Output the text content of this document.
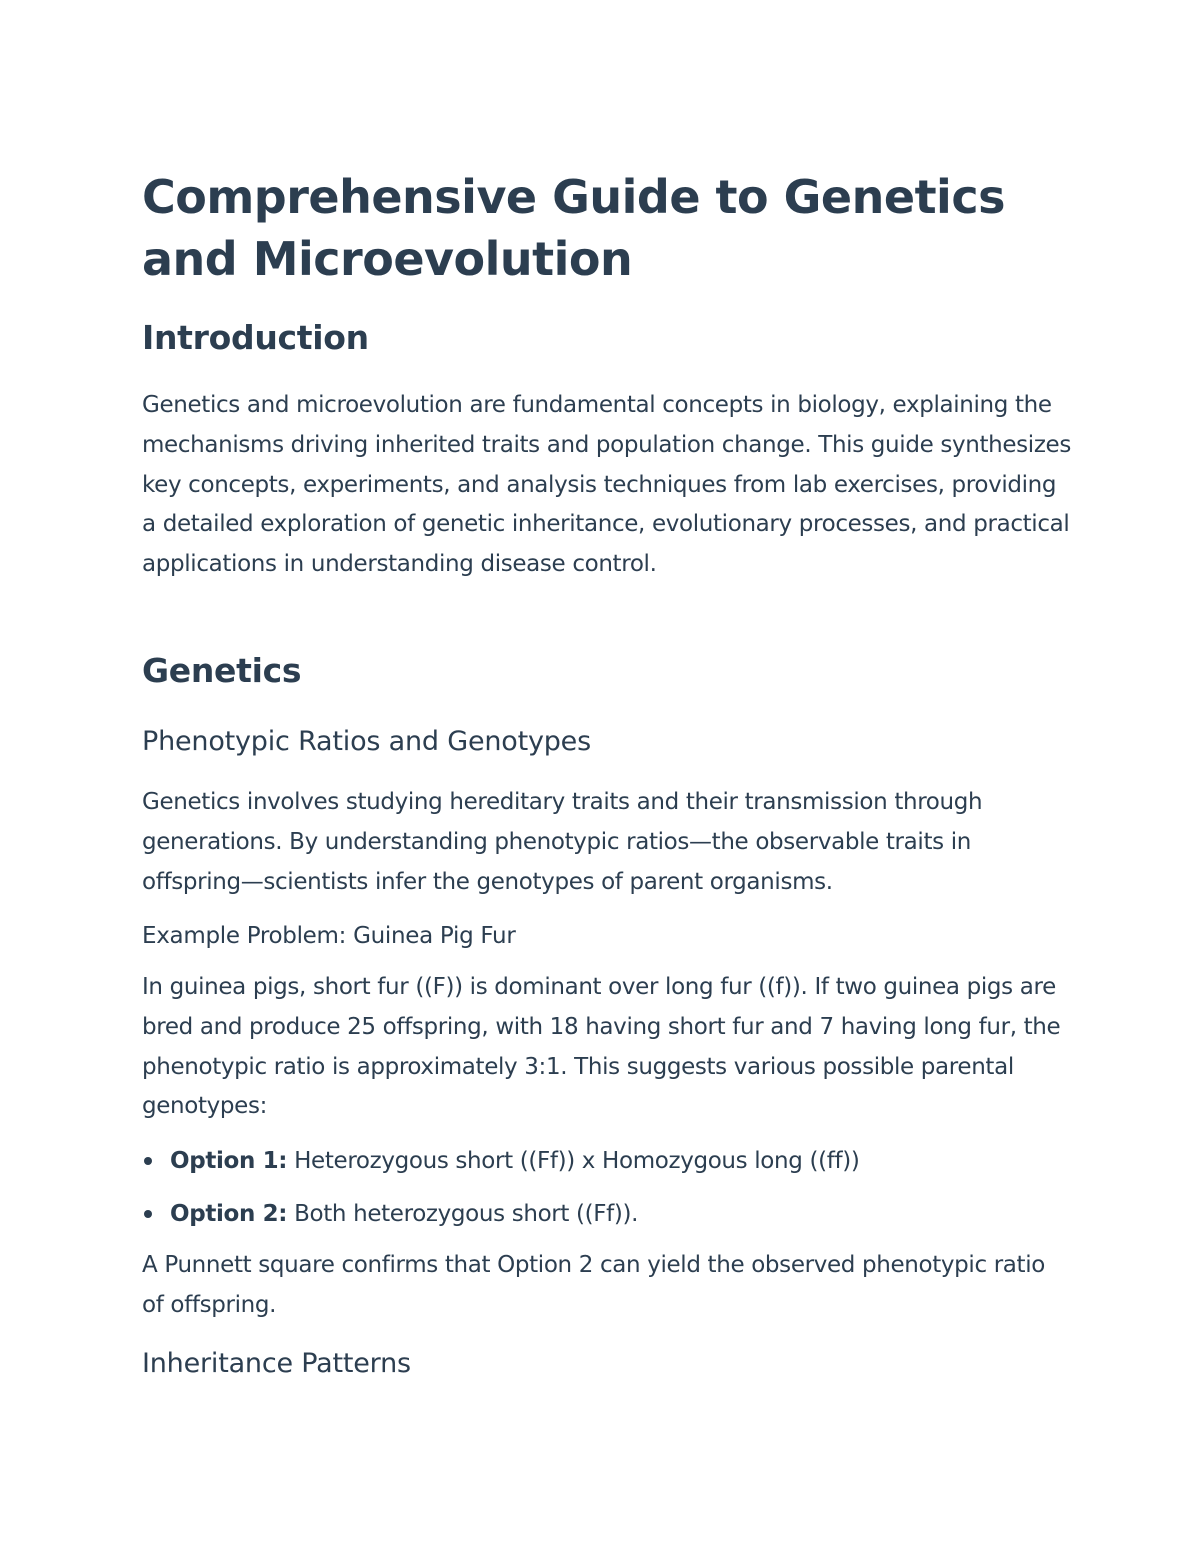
Comprehensive Guide to Genetics and Microevolution
Introduction

Genetics and microevolution are fundamental concepts in biology, explaining the mechanisms driving inherited traits and population change. This guide synthesizes key concepts, experiments, and analysis techniques from lab exercises, providing a detailed exploration of genetic inheritance, evolutionary processes, and practical applications in understanding disease control.

Genetics
Phenotypic Ratios and Genotypes

Genetics involves studying hereditary traits and their transmission through generations. By understanding phenotypic ratios—the observable traits in offspring—scientists infer the genotypes of parent organisms.

Example Problem: Guinea Pig Fur

In guinea pigs, short fur ((F)) is dominant over long fur ((f)). If two guinea pigs are bred and produce 25 offspring, with 18 having short fur and 7 having long fur, the phenotypic ratio is approximately 3:1. This suggests various possible parental genotypes:

Option 1: Heterozygous short ((Ff)) x Homozygous long ((ff))
Option 2: Both heterozygous short ((Ff)).

A Punnett square confirms that Option 2 can yield the observed phenotypic ratio of offspring.

Inheritance Patterns
